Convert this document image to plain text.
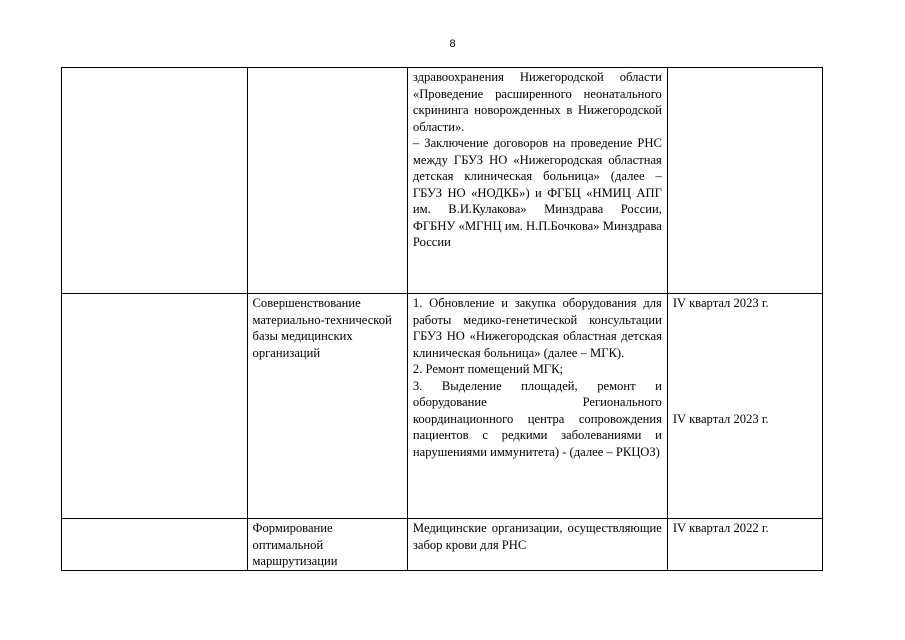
8

		здравоохранения Нижегородской области «Проведение расширенного неонатального скрининга новорожденных в Нижегородской области».
– Заключение договоров на проведение РНС между ГБУЗ НО «Нижегородская областная детская клиническая больница» (далее – ГБУЗ НО «НОДКБ») и ФГБЦ «НМИЦ АПГ им. В.И.Кулакова» Минздрава России, ФГБНУ «МГНЦ им. Н.П.Бочкова» Минздрава России	

	Совершенствование материально-технической базы медицинских организаций	1. Обновление и закупка оборудования для работы медико-генетической консультации ГБУЗ НО «Нижегородская областная детская клиническая больница» (далее – МГК).
2. Ремонт помещений МГК;
3. Выделение площадей, ремонт и оборудование Регионального координационного центра сопровождения пациентов с редкими заболеваниями и нарушениями иммунитета) - (далее – РКЦОЗ)	IV квартал 2023 г.
IV квартал 2023 г.

	Формирование оптимальной маршрутизации	Медицинские организации, осуществляющие забор крови для РНС	IV квартал 2022 г.
